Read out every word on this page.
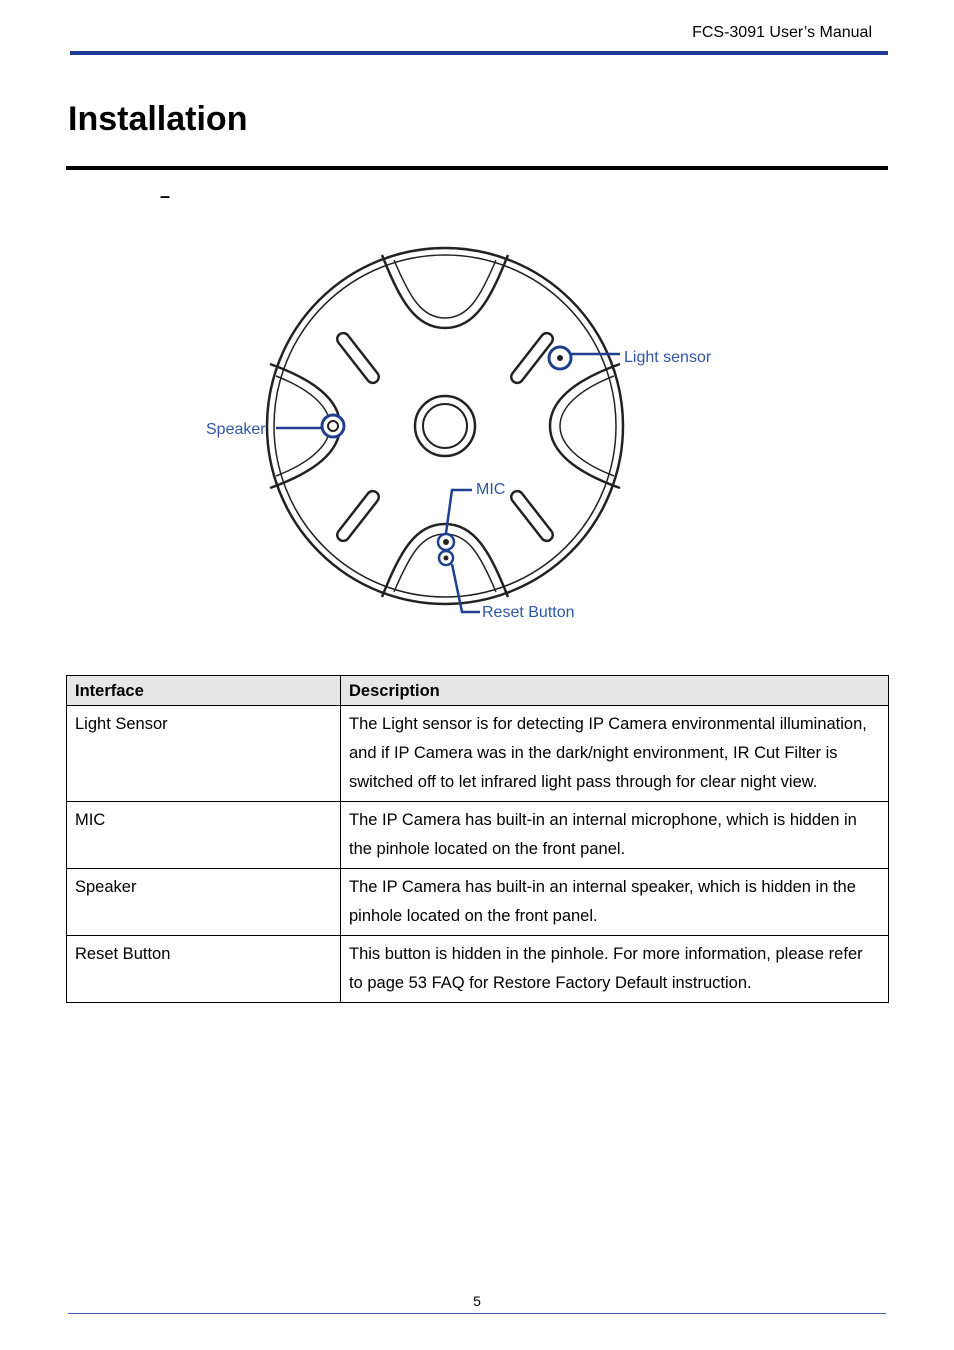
FCS-3091 User’s Manual
Installation
–
Light sensor
Speaker
MIC
Reset Button
Interface	Description
Light Sensor	The Light sensor is for detecting IP Camera environmental illumination, and if IP Camera was in the dark/night environment, IR Cut Filter is switched off to let infrared light pass through for clear night view.
MIC	The IP Camera has built-in an internal microphone, which is hidden in the pinhole located on the front panel.
Speaker	The IP Camera has built-in an internal speaker, which is hidden in the pinhole located on the front panel.
Reset Button	This button is hidden in the pinhole. For more information, please refer to page 53 FAQ for Restore Factory Default instruction.
5
